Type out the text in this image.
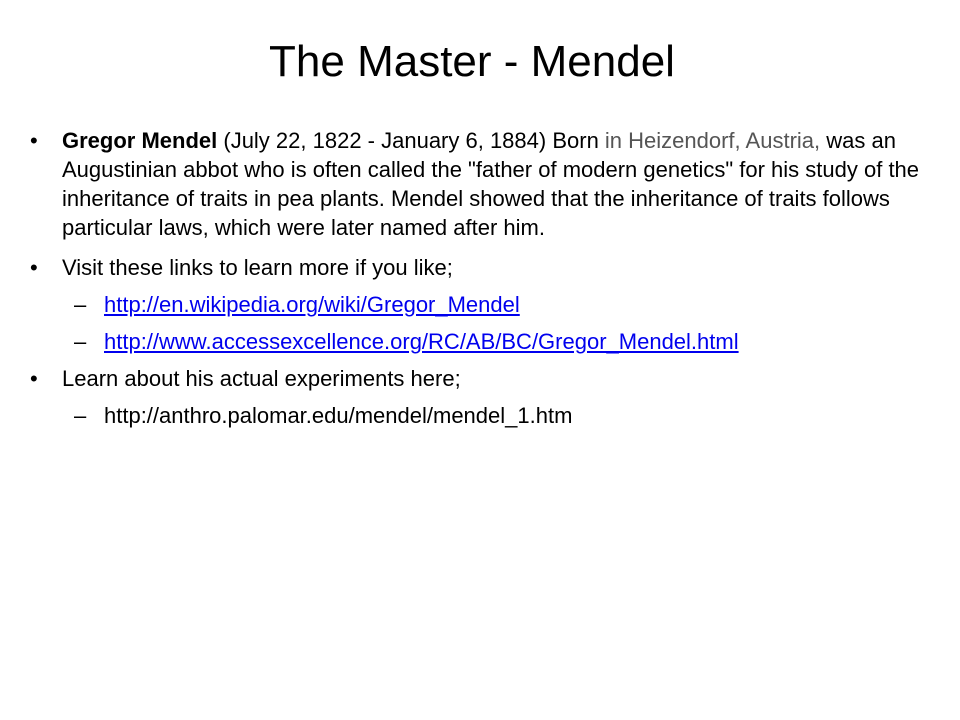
The Master - Mendel
• Gregor Mendel (July 22, 1822 - January 6, 1884) Born in Heizendorf, Austria, was an Augustinian abbot who is often called the "father of modern genetics" for his study of the inheritance of traits in pea plants. Mendel showed that the inheritance of traits follows particular laws, which were later named after him.
• Visit these links to learn more if you like;
– http://en.wikipedia.org/wiki/Gregor_Mendel
– http://www.accessexcellence.org/RC/AB/BC/Gregor_Mendel.html
• Learn about his actual experiments here;
– http://anthro.palomar.edu/mendel/mendel_1.htm
